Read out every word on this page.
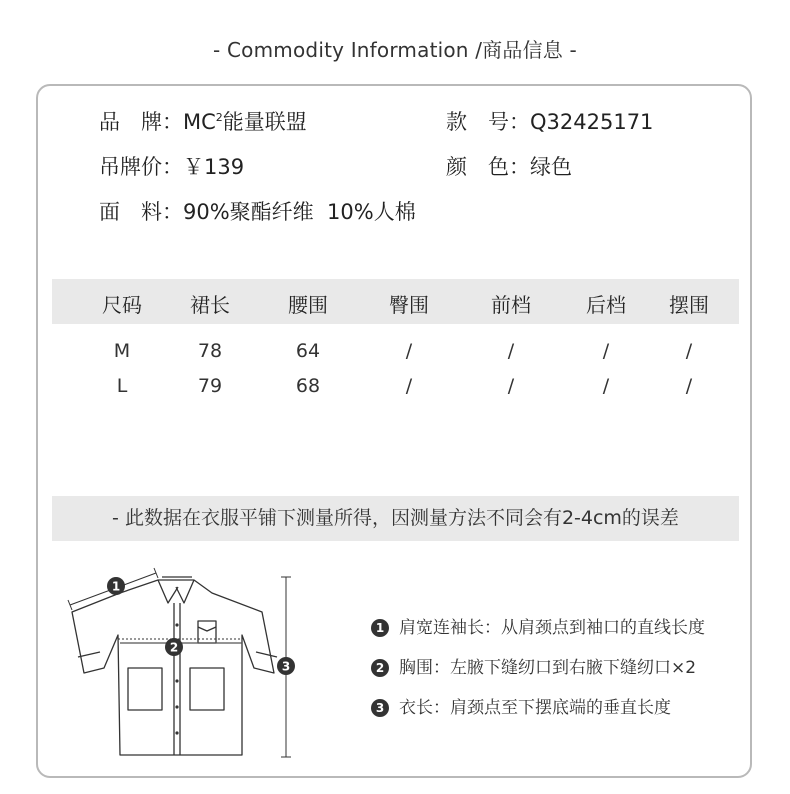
- Commodity Information /商品信息 -
品　牌：$MC^2$能量联盟	款　号：Q32425171
吊牌价：￥139	颜　色：绿色
面　料：90%聚酯纤维  10%人棉
尺码 裙长	腰围	臀围	前档	后档 摆围
M	78	64	/	/	/	/
L	79	68	/	/	/	/
- 此数据在衣服平铺下测量所得，因测量方法不同会有2-4cm的误差
1
2
3
1 肩宽连袖长：从肩颈点到袖口的直线长度
2 胸围：左腋下缝纫口到右腋下缝纫口×2
3 衣长：肩颈点至下摆底端的垂直长度
